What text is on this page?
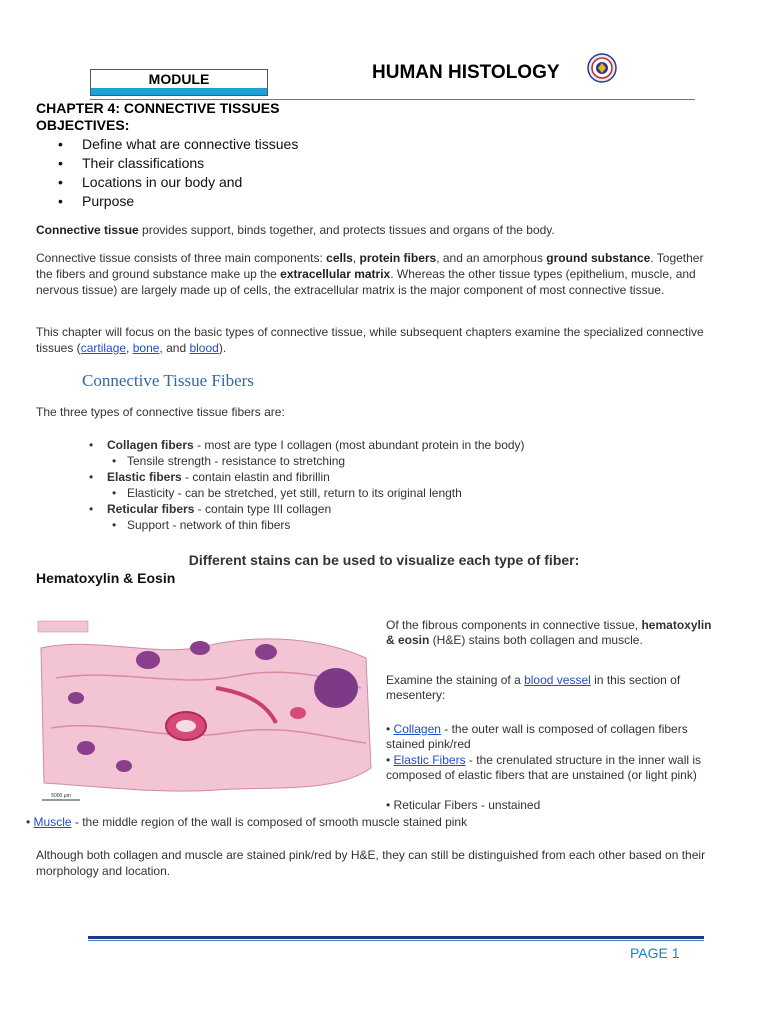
MODULE	HUMAN HISTOLOGY
CHAPTER 4: CONNECTIVE TISSUES
OBJECTIVES:
• Define what are connective tissues
• Their classifications
• Locations in our body and
• Purpose

Connective tissue provides support, binds together, and protects tissues and organs of the body.

Connective tissue consists of three main components: cells, protein fibers, and an amorphous ground substance. Together the fibers and ground substance make up the extracellular matrix. Whereas the other tissue types (epithelium, muscle, and nervous tissue) are largely made up of cells, the extracellular matrix is the major component of most connective tissue.

This chapter will focus on the basic types of connective tissue, while subsequent chapters examine the specialized connective tissues (cartilage, bone, and blood).

Connective Tissue Fibers

The three types of connective tissue fibers are:

• Collagen fibers - most are type I collagen (most abundant protein in the body)
• Tensile strength - resistance to stretching
• Elastic fibers - contain elastin and fibrillin
• Elasticity - can be stretched, yet still, return to its original length
• Reticular fibers - contain type III collagen
• Support - network of thin fibers
Different stains can be used to visualize each type of fiber:
Hematoxylin & Eosin
5000 µm

Of the fibrous components in connective tissue, hematoxylin & eosin (H&E) stains both collagen and muscle.

Examine the staining of a blood vessel in this section of mesentery:

• Collagen - the outer wall is composed of collagen fibers stained pink/red

• Elastic Fibers - the crenulated structure in the inner wall is composed of elastic fibers that are unstained (or light pink)

• Reticular Fibers - unstained

• Muscle - the middle region of the wall is composed of smooth muscle stained pink

Although both collagen and muscle are stained pink/red by H&E, they can still be distinguished from each other based on their morphology and location.

PAGE 1
